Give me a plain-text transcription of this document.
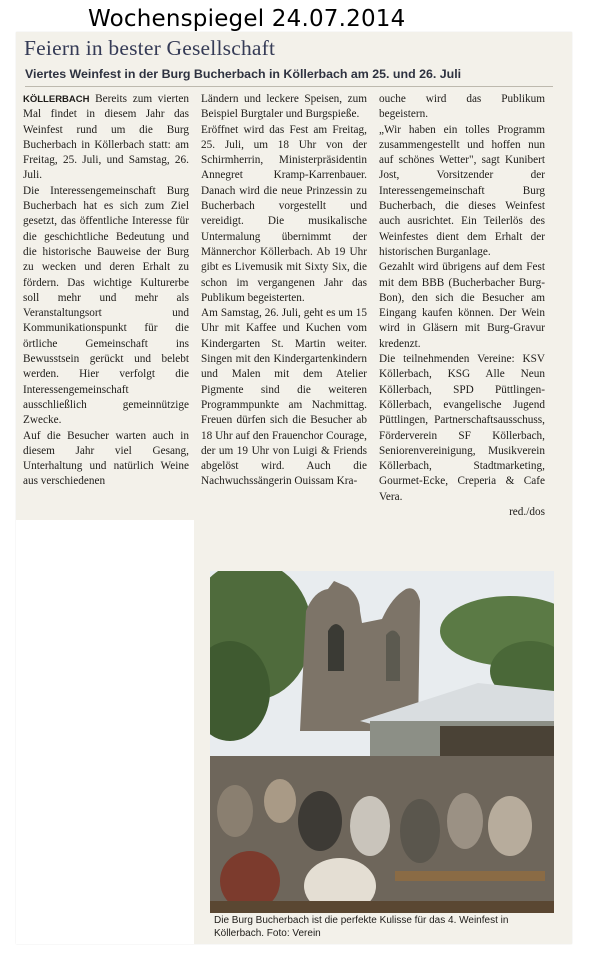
Wochenspiegel 24.07.2014
Feiern in bester Gesellschaft
Viertes Weinfest in der Burg Bucherbach in Köllerbach am 25. und 26. Juli

KÖLLERBACH Bereits zum vierten Mal findet in diesem Jahr das Weinfest rund um die Burg Bucherbach in Köllerbach statt: am Freitag, 25. Juli, und Samstag, 26. Juli.

Die Interessengemeinschaft Burg Bucherbach hat es sich zum Ziel gesetzt, das öffentliche Interesse für die geschichtliche Bedeutung und die historische Bauweise der Burg zu wecken und deren Erhalt zu fördern. Das wichtige Kulturerbe soll mehr und mehr als Veranstaltungsort und Kommunikationspunkt für die örtliche Gemeinschaft ins Bewusstsein gerückt und belebt werden. Hier verfolgt die Interessengemeinschaft ausschließlich gemeinnützige Zwecke.

Auf die Besucher warten auch in diesem Jahr viel Gesang, Unterhaltung und natürlich Weine aus verschiedenen

Ländern und leckere Speisen, zum Beispiel Burgtaler und Burgspieße.

Eröffnet wird das Fest am Freitag, 25. Juli, um 18 Uhr von der Schirmherrin, Ministerpräsidentin Annegret Kramp-Karrenbauer. Danach wird die neue Prinzessin zu Bucherbach vorgestellt und vereidigt. Die musikalische Untermalung übernimmt der Männerchor Köllerbach. Ab 19 Uhr gibt es Livemusik mit Sixty Six, die schon im vergangenen Jahr das Publikum begeisterten.

Am Samstag, 26. Juli, geht es um 15 Uhr mit Kaffee und Kuchen vom Kindergarten St. Martin weiter. Singen mit den Kindergartenkindern und Malen mit dem Atelier Pigmente sind die weiteren Programmpunkte am Nachmittag. Freuen dürfen sich die Besucher ab 18 Uhr auf den Frauenchor Courage, der um 19 Uhr von Luigi & Friends abgelöst wird. Auch die Nachwuchssängerin Ouissam Kra-

ouche wird das Publikum begeistern.

„Wir haben ein tolles Programm zusammengestellt und hoffen nun auf schönes Wetter", sagt Kunibert Jost, Vorsitzender der Interessengemeinschaft Burg Bucherbach, die dieses Weinfest auch ausrichtet. Ein Teilerlös des Weinfestes dient dem Erhalt der historischen Burganlage.

Gezahlt wird übrigens auf dem Fest mit dem BBB (Bucherbacher Burg-Bon), den sich die Besucher am Eingang kaufen können. Der Wein wird in Gläsern mit Burg-Gravur kredenzt.

Die teilnehmenden Vereine: KSV Köllerbach, KSG Alle Neun Köllerbach, SPD Püttlingen-Köllerbach, evangelische Jugend Püttlingen, Partnerschaftsausschuss, Förderverein SF Köllerbach, Seniorenvereinigung, Musikverein Köllerbach, Stadtmarketing, Gourmet-Ecke, Creperia & Cafe Vera.

red./dos

Die Burg Bucherbach ist die perfekte Kulisse für das 4. Weinfest in Köllerbach. Foto: Verein
